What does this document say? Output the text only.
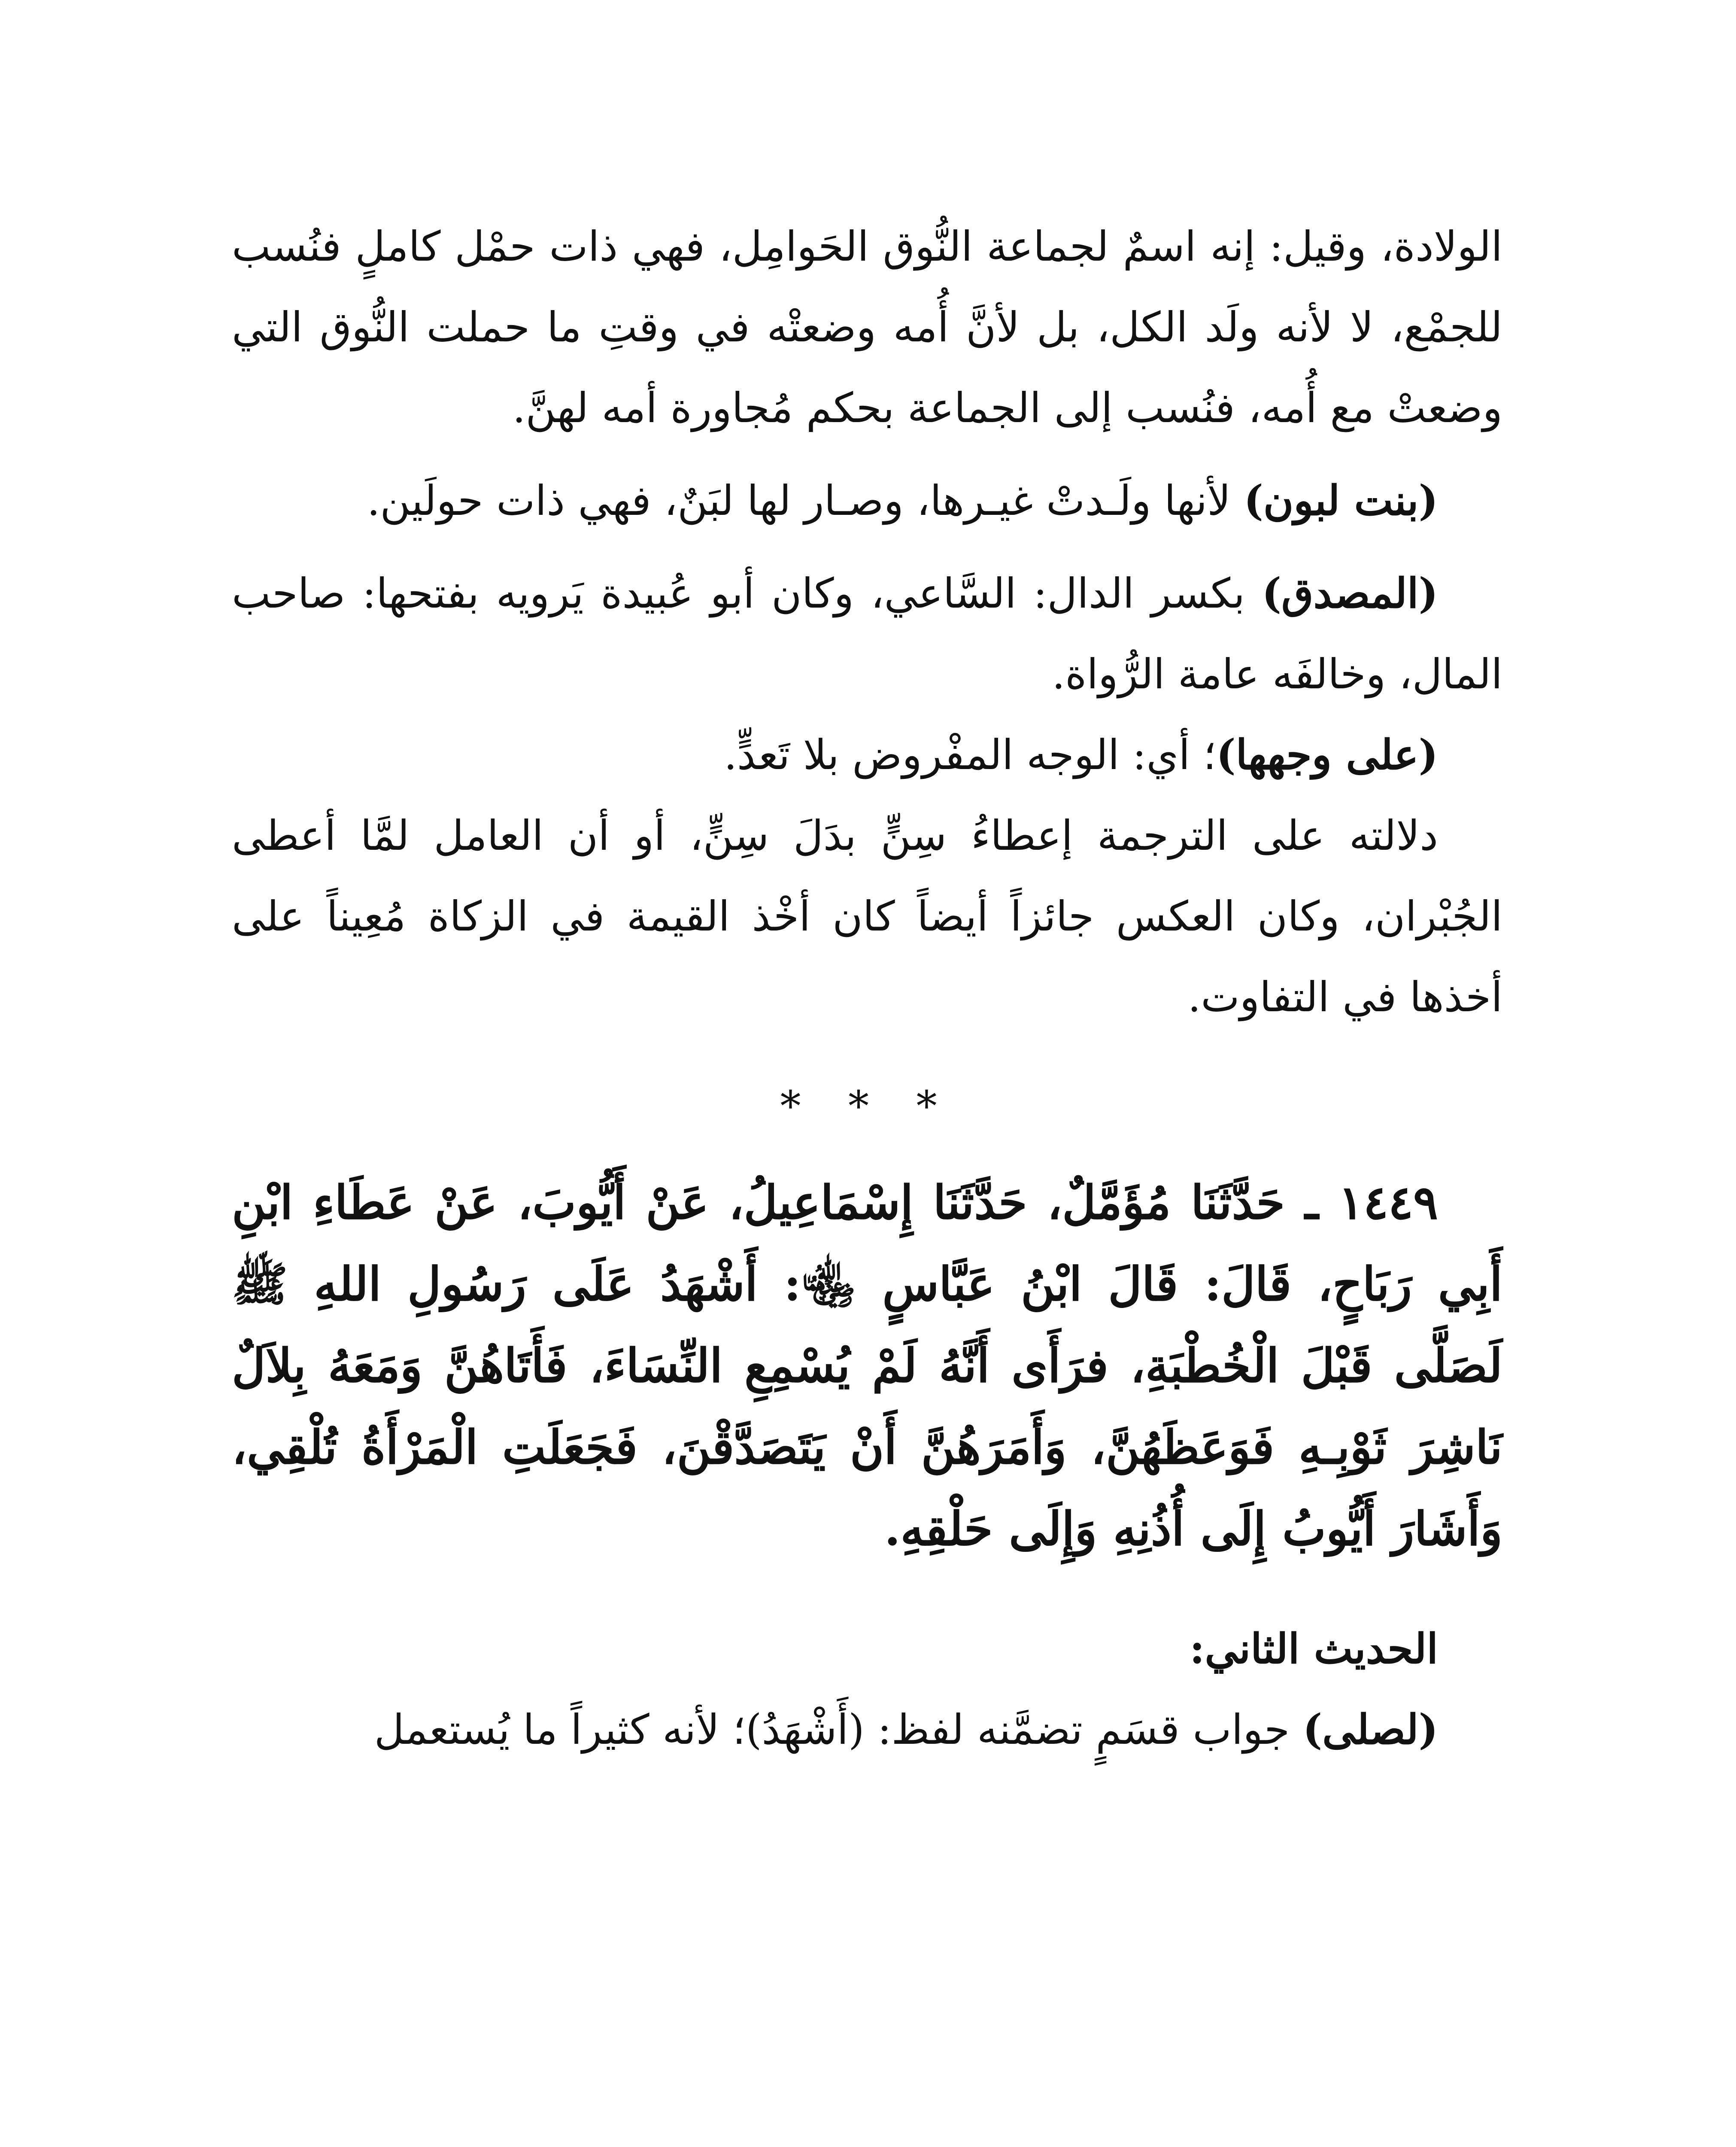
الولادة، وقيل: إنه اسمٌ لجماعة النُّوق الحَوامِل، فهي ذات حمْل كاملٍ فنُسب للجمْع، لا لأنه ولَد الكل، بل لأنَّ أُمه وضعتْه في وقتِ ما حملت النُّوق التي وضعتْ مع أُمه، فنُسب إلى الجماعة بحكم مُجاورة أمه لهنَّ.

(بنت لبون) لأنها ولَـدتْ غيـرها، وصـار لها لبَنٌ، فهي ذات حولَين.

(المصدق) بكسر الدال: السَّاعي، وكان أبو عُبيدة يَرويه بفتحها: صاحب المال، وخالفَه عامة الرُّواة.

(على وجهها)؛ أي: الوجه المفْروض بلا تَعدٍّ.

دلالته على الترجمة إعطاءُ سِنٍّ بدَلَ سِنٍّ، أو أن العامل لمَّا أعطى الجُبْران، وكان العكس جائزاً أيضاً كان أخْذ القيمة في الزكاة مُعِيناً على أخذها في التفاوت.

* * *

١٤٤٩ ـ حَدَّثَنَا مُؤَمَّلٌ، حَدَّثَنَا إِسْمَاعِيلُ، عَنْ أَيُّوبَ، عَنْ عَطَاءِ ابْنِ أَبِي رَبَاحٍ، قَالَ: قَالَ ابْنُ عَبَّاسٍ ﵄: أَشْهَدُ عَلَى رَسُولِ اللهِ ﷺ لَصَلَّى قَبْلَ الْخُطْبَةِ، فرَأَى أَنَّهُ لَمْ يُسْمِعِ النِّسَاءَ، فَأَتَاهُنَّ وَمَعَهُ بِلاَلٌ نَاشِرَ ثَوْبِـهِ فَوَعَظَهُنَّ، وَأَمَرَهُنَّ أَنْ يَتَصَدَّقْنَ، فَجَعَلَتِ الْمَرْأَةُ تُلْقِي، وَأَشَارَ أَيُّوبُ إِلَى أُذُنِهِ وَإِلَى حَلْقِهِ.

الحديث الثاني:

(لصلى) جواب قسَمٍ تضمَّنه لفظ: (أَشْهَدُ)؛ لأنه كثيراً ما يُستعمل
